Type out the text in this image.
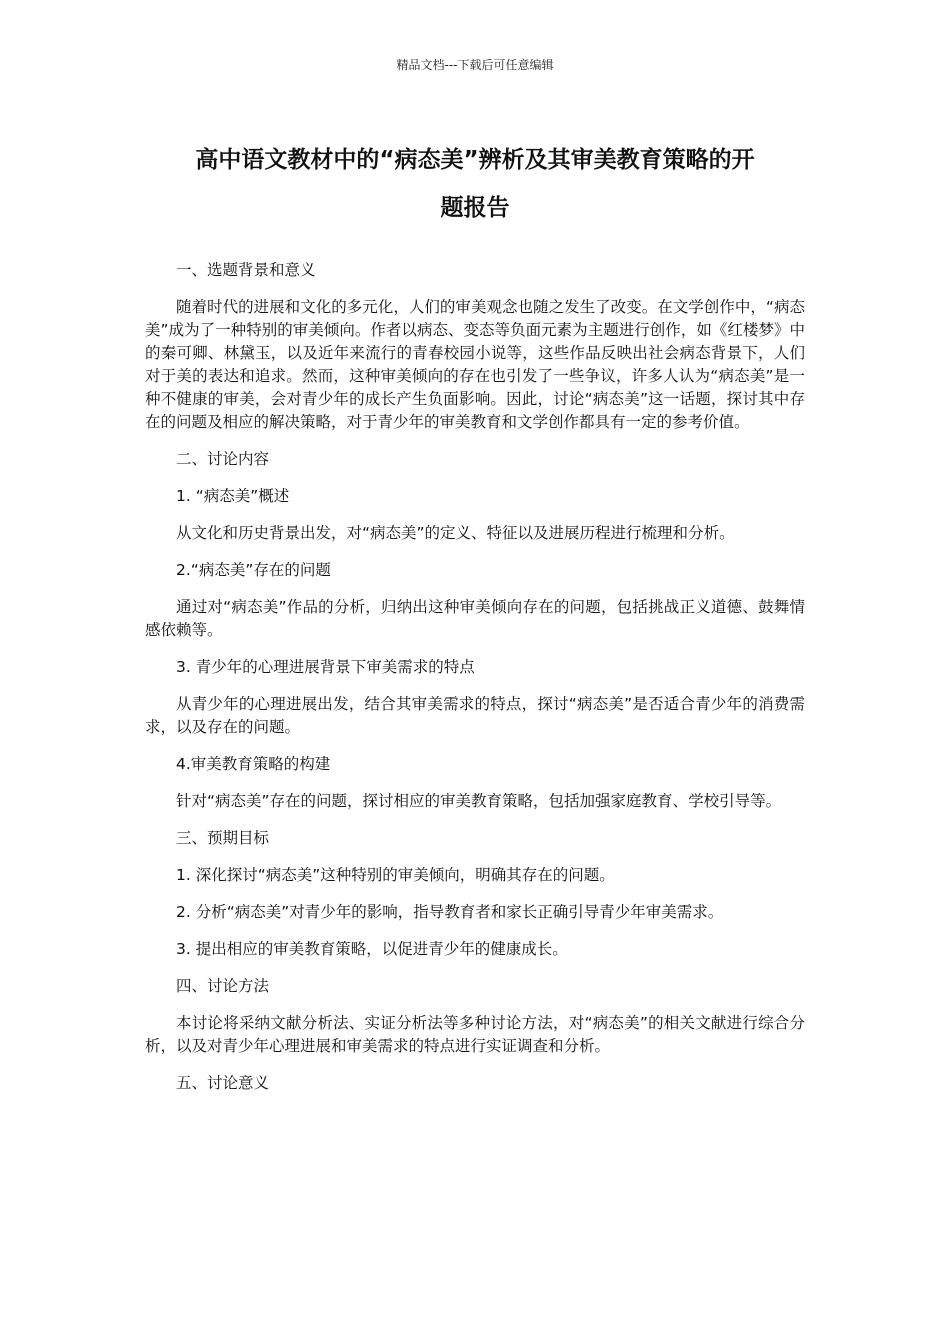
精品文档---下载后可任意编辑
高中语文教材中的“病态美”辨析及其审美教育策略的开
题报告

一、选题背景和意义

随着时代的进展和文化的多元化，人们的审美观念也随之发生了改变。在文学创作中，“病态美”成为了一种特别的审美倾向。作者以病态、变态等负面元素为主题进行创作，如《红楼梦》中的秦可卿、林黛玉，以及近年来流行的青春校园小说等，这些作品反映出社会病态背景下，人们对于美的表达和追求。然而，这种审美倾向的存在也引发了一些争议，许多人认为“病态美”是一种不健康的审美，会对青少年的成长产生负面影响。因此，讨论“病态美”这一话题，探讨其中存在的问题及相应的解决策略，对于青少年的审美教育和文学创作都具有一定的参考价值。

二、讨论内容

1. “病态美”概述

从文化和历史背景出发，对“病态美”的定义、特征以及进展历程进行梳理和分析。

2.“病态美”存在的问题

通过对“病态美”作品的分析，归纳出这种审美倾向存在的问题，包括挑战正义道德、鼓舞情感依赖等。

3. 青少年的心理进展背景下审美需求的特点

从青少年的心理进展出发，结合其审美需求的特点，探讨“病态美”是否适合青少年的消费需求，以及存在的问题。

4.审美教育策略的构建

针对“病态美”存在的问题，探讨相应的审美教育策略，包括加强家庭教育、学校引导等。

三、预期目标

1. 深化探讨“病态美”这种特别的审美倾向，明确其存在的问题。

2. 分析“病态美”对青少年的影响，指导教育者和家长正确引导青少年审美需求。

3. 提出相应的审美教育策略，以促进青少年的健康成长。

四、讨论方法

本讨论将采纳文献分析法、实证分析法等多种讨论方法，对“病态美”的相关文献进行综合分析，以及对青少年心理进展和审美需求的特点进行实证调查和分析。

五、讨论意义
